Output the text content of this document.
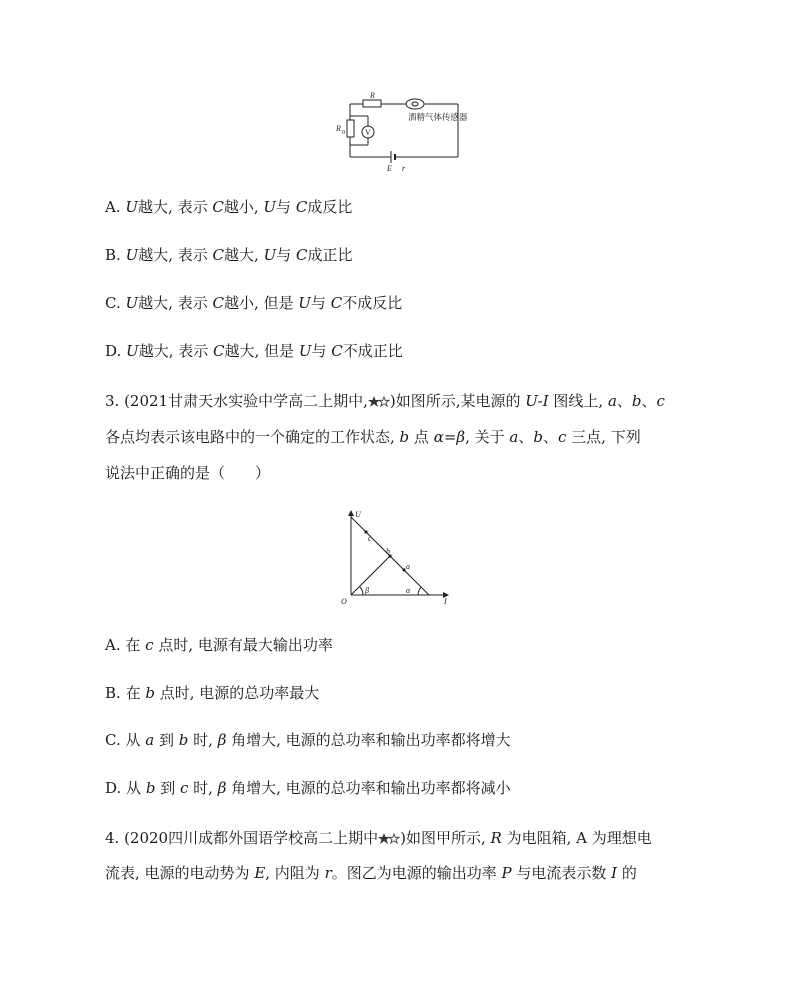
R
R 0	V
E r
酒精气体传感器
A. U越大, 表示 C越小, U与 C成反比
B. U越大, 表示 C越大, U与 C成正比
C. U越大, 表示 C越小, 但是 U与 C不成反比
D. U越大, 表示 C越大, 但是 U与 C不成正比
3. (2021甘肃天水实验中学高二上期中, )如图所示,某电源的 U-I 图线上, a、b、c
各点均表示该电路中的一个确定的工作状态, b 点 α=β, 关于 a、b、c 三点, 下列
说法中正确的是（　　）
U
I
O
c
b
a
β	α
A. 在 c 点时, 电源有最大输出功率
B. 在 b 点时, 电源的总功率最大
C. 从 a 到 b 时, β 角增大, 电源的总功率和输出功率都将增大
D. 从 b 到 c 时, β 角增大, 电源的总功率和输出功率都将减小
4. (2020四川成都外国语学校高二上期中 )如图甲所示, R 为电阻箱, A 为理想电
流表, 电源的电动势为 E, 内阻为 r。图乙为电源的输出功率 P 与电流表示数 I 的
